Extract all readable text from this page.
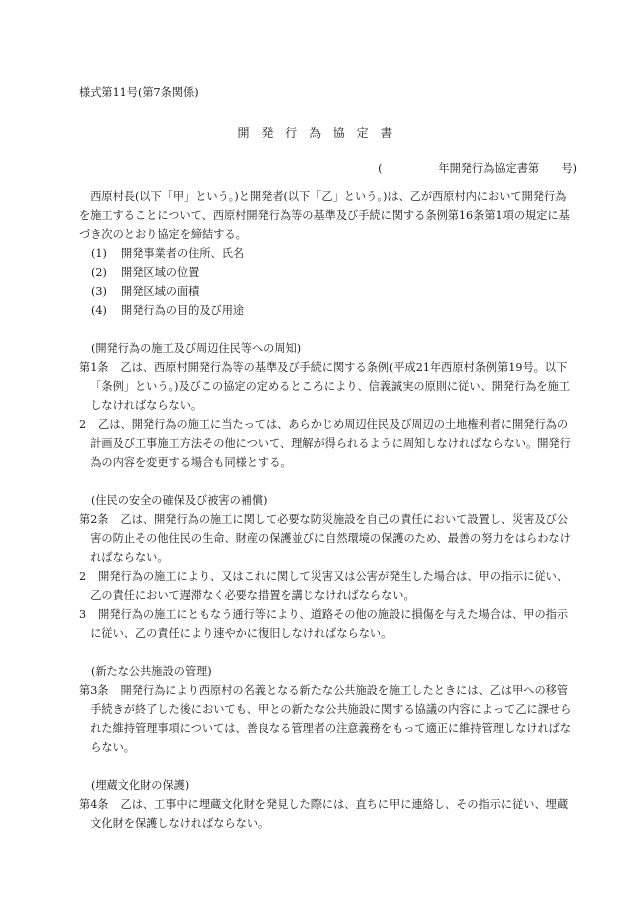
様式第11号(第7条関係)
開 発 行 為 協 定 書
(　　　　　年開発行為協定書第　　号)

西原村長(以下「甲」という。)と開発者(以下「乙」という。)は、乙が西原村内において開発行為を施工することについて、西原村開発行為等の基準及び手続に関する条例第16条第1項の規定に基づき次のとおり協定を締結する。

(1) 開発事業者の住所、氏名
(2) 開発区域の位置
(3) 開発区域の面積
(4) 開発行為の目的及び用途
(開発行為の施工及び周辺住民等への周知)

第1条 乙は、西原村開発行為等の基準及び手続に関する条例(平成21年西原村条例第19号。以下「条例」という。)及びこの協定の定めるところにより、信義誠実の原則に従い、開発行為を施工しなければならない。

2 乙は、開発行為の施工に当たっては、あらかじめ周辺住民及び周辺の土地権利者に開発行為の計画及び工事施工方法その他について、理解が得られるように周知しなければならない。開発行為の内容を変更する場合も同様とする。

(住民の安全の確保及び被害の補償)

第2条 乙は、開発行為の施工に関して必要な防災施設を自己の責任において設置し、災害及び公害の防止その他住民の生命、財産の保護並びに自然環境の保護のため、最善の努力をはらわなければならない。

2 開発行為の施工により、又はこれに関して災害又は公害が発生した場合は、甲の指示に従い、乙の責任において遅滞なく必要な措置を講じなければならない。

3 開発行為の施工にともなう通行等により、道路その他の施設に損傷を与えた場合は、甲の指示に従い、乙の責任により速やかに復旧しなければならない。

(新たな公共施設の管理)

第3条 開発行為により西原村の名義となる新たな公共施設を施工したときには、乙は甲への移管手続きが終了した後においても、甲との新たな公共施設に関する協議の内容によって乙に課せられた維持管理事項については、善良なる管理者の注意義務をもって適正に維持管理しなければならない。

(埋蔵文化財の保護)

第4条 乙は、工事中に埋蔵文化財を発見した際には、直ちに甲に連絡し、その指示に従い、埋蔵文化財を保護しなければならない。
